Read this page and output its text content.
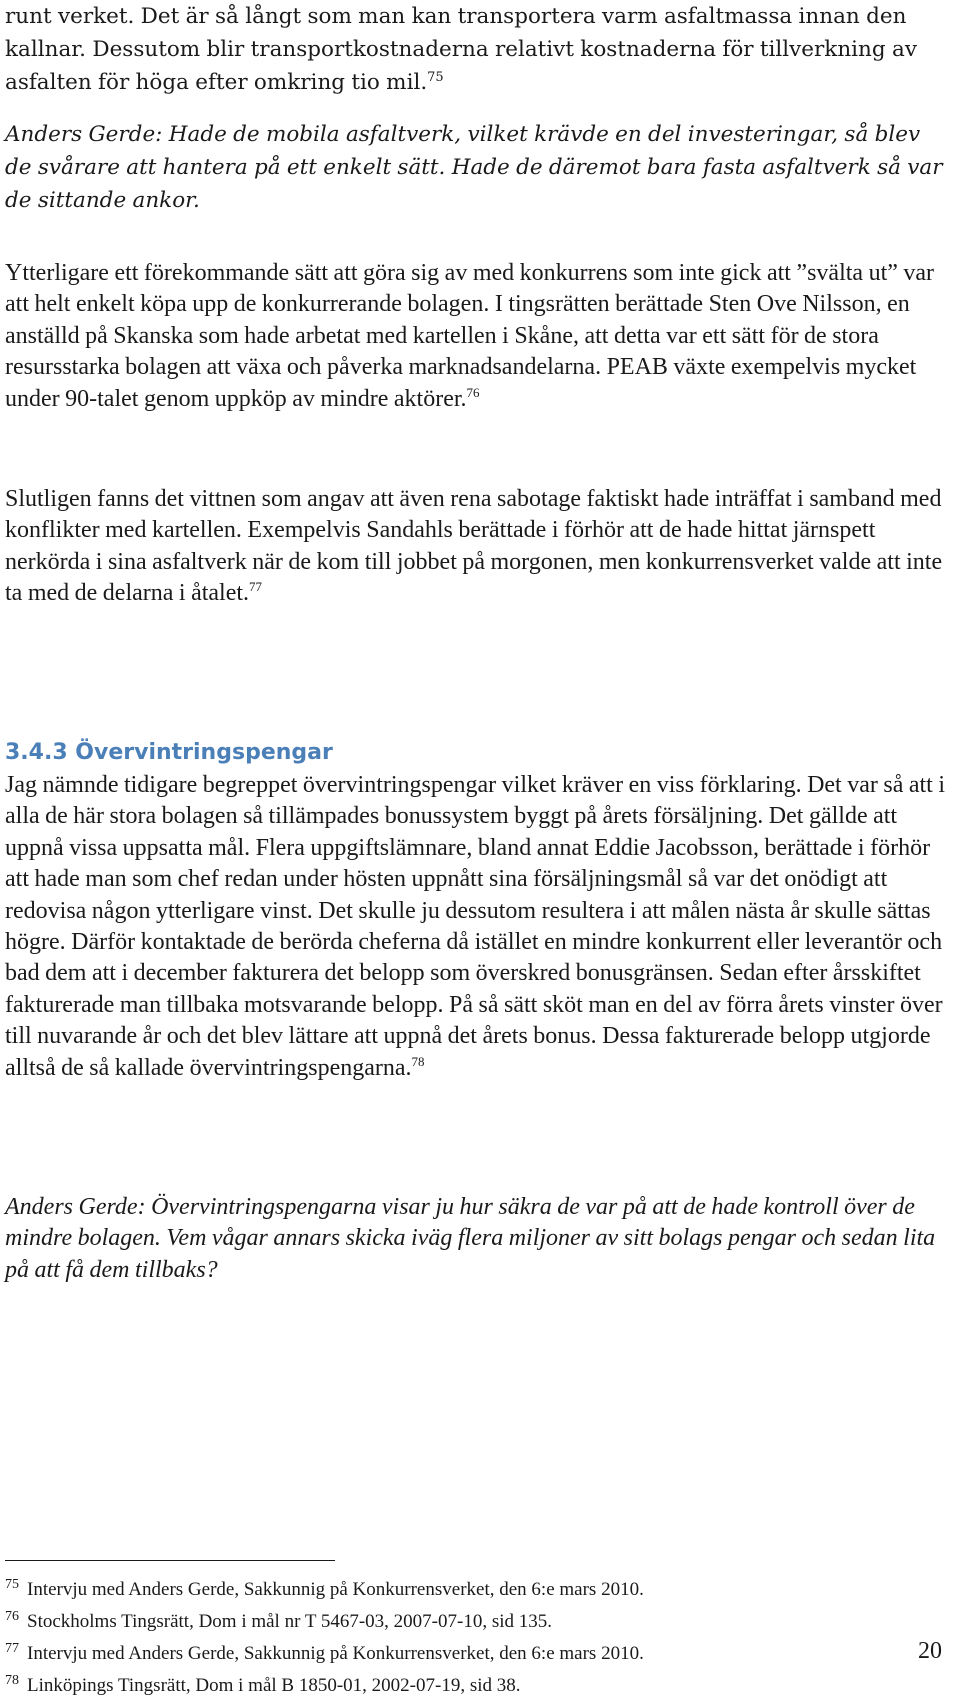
runt verket. Det är så långt som man kan transportera varm asfaltmassa innan den kallnar. Dessutom blir transportkostnaderna relativt kostnaderna för tillverkning av asfalten för höga efter omkring tio mil.$^{75}$

Anders Gerde: Hade de mobila asfaltverk, vilket krävde en del investeringar, så blev de svårare att hantera på ett enkelt sätt. Hade de däremot bara fasta asfaltverk så var de sittande ankor.

Ytterligare ett förekommande sätt att göra sig av med konkurrens som inte gick att ”svälta ut” var att helt enkelt köpa upp de konkurrerande bolagen. I tingsrätten berättade Sten Ove Nilsson, en anställd på Skanska som hade arbetat med kartellen i Skåne, att detta var ett sätt för de stora resursstarka bolagen att växa och påverka marknadsandelarna. PEAB växte exempelvis mycket under 90-talet genom uppköp av mindre aktörer.$^{76}$

Slutligen fanns det vittnen som angav att även rena sabotage faktiskt hade inträffat i samband med konflikter med kartellen. Exempelvis Sandahls berättade i förhör att de hade hittat järnspett nerkörda i sina asfaltverk när de kom till jobbet på morgonen, men konkurrensverket valde att inte ta med de delarna i åtalet.$^{77}$

3.4.3 Övervintringspengar

Jag nämnde tidigare begreppet övervintringspengar vilket kräver en viss förklaring. Det var så att i alla de här stora bolagen så tillämpades bonussystem byggt på årets försäljning. Det gällde att uppnå vissa uppsatta mål. Flera uppgiftslämnare, bland annat Eddie Jacobsson, berättade i förhör att hade man som chef redan under hösten uppnått sina försäljningsmål så var det onödigt att redovisa någon ytterligare vinst. Det skulle ju dessutom resultera i att målen nästa år skulle sättas högre. Därför kontaktade de berörda cheferna då istället en mindre konkurrent eller leverantör och bad dem att i december fakturera det belopp som överskred bonusgränsen. Sedan efter årsskiftet fakturerade man tillbaka motsvarande belopp. På så sätt sköt man en del av förra årets vinster över till nuvarande år och det blev lättare att uppnå det årets bonus. Dessa fakturerade belopp utgjorde alltså de så kallade övervintringspengarna.$^{78}$

Anders Gerde: Övervintringspengarna visar ju hur säkra de var på att de hade kontroll över de mindre bolagen. Vem vågar annars skicka iväg flera miljoner av sitt bolags pengar och sedan lita på att få dem tillbaks?

$^{75}$ Intervju med Anders Gerde, Sakkunnig på Konkurrensverket, den 6:e mars 2010.
$^{76}$ Stockholms Tingsrätt, Dom i mål nr T 5467-03, 2007-07-10, sid 135.
$^{77}$ Intervju med Anders Gerde, Sakkunnig på Konkurrensverket, den 6:e mars 2010.
$^{78}$ Linköpings Tingsrätt, Dom i mål B 1850-01, 2002-07-19, sid 38.

20
